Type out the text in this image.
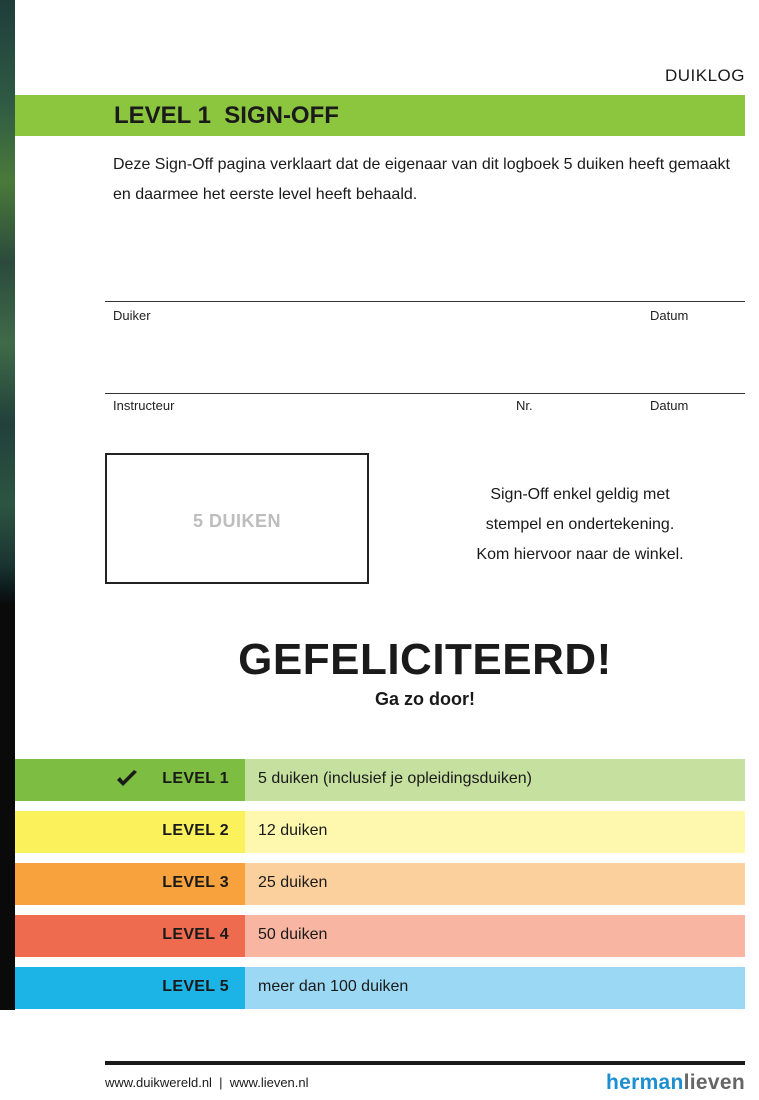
DUIKLOG
LEVEL 1  SIGN-OFF
Deze Sign-Off pagina verklaart dat de eigenaar van dit logboek 5 duiken heeft gemaakt en daarmee het eerste level heeft behaald.
Duiker	Datum
Instructeur	Nr.	Datum
5 DUIKEN
Sign-Off enkel geldig met
stempel en ondertekening.
Kom hiervoor naar de winkel.
GEFELICITEERD!
Ga zo door!
LEVEL 1 5 duiken (inclusief je opleidingsduiken)
LEVEL 2 12 duiken
LEVEL 3 25 duiken
LEVEL 4 50 duiken
LEVEL 5 meer dan 100 duiken
www.duikwereld.nl  |  www.lieven.nl	hermanlieven
